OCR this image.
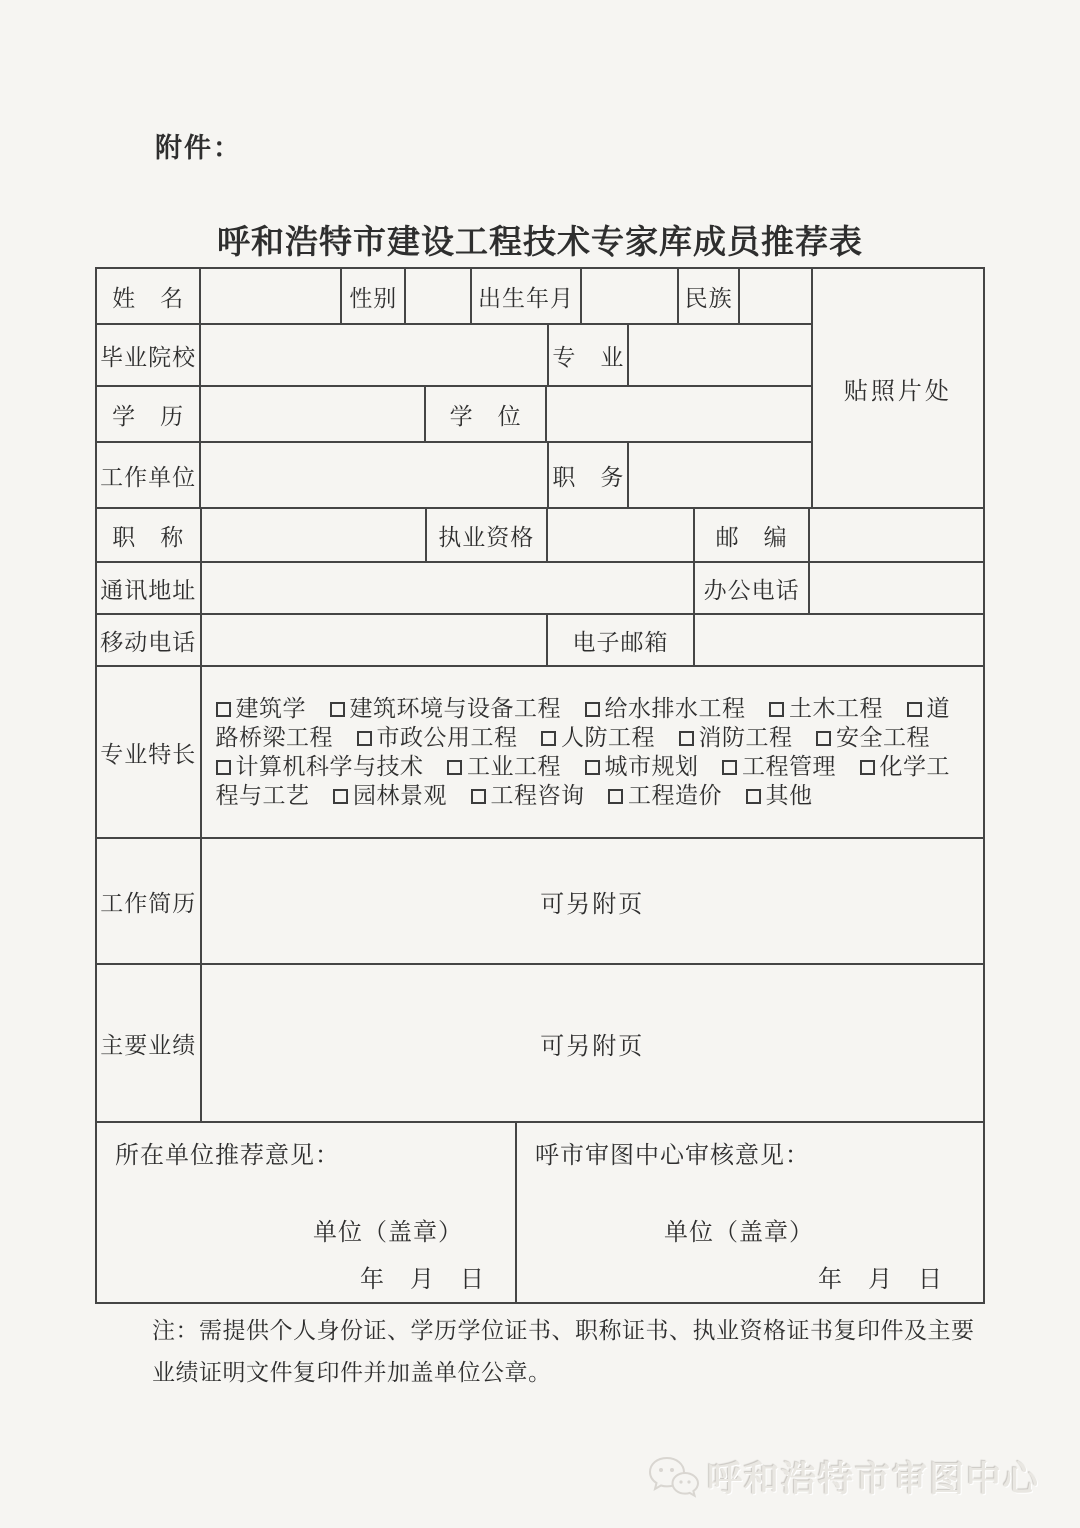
附件：
呼和浩特市建设工程技术专家库成员推荐表
姓　名	性别	出生年月	民族
毕业院校	专　业
学　历	学　位
工作单位	职　务
贴照片处
职　称	执业资格	邮　编
通讯地址	办公电话
移动电话	电子邮箱
专业特长
建筑学　 建筑环境与设备工程　 给水排水工程　 土木工程　 道路桥梁工程　 市政公用工程　 人防工程　 消防工程　 安全工程　计算机科学与技术　 工业工程　 城市规划　 工程管理　 化学工程与工艺　 园林景观　 工程咨询　 工程造价　 其他
工作简历	可另附页
主要业绩	可另附页
所在单位推荐意见：
单位（盖章）
年　月　日
呼市审图中心审核意见：
单位（盖章）
年　月　日
注：需提供个人身份证、学历学位证书、职称证书、执业资格证书复印件及主要
业绩证明文件复印件并加盖单位公章。
呼和浩特市审图中心
